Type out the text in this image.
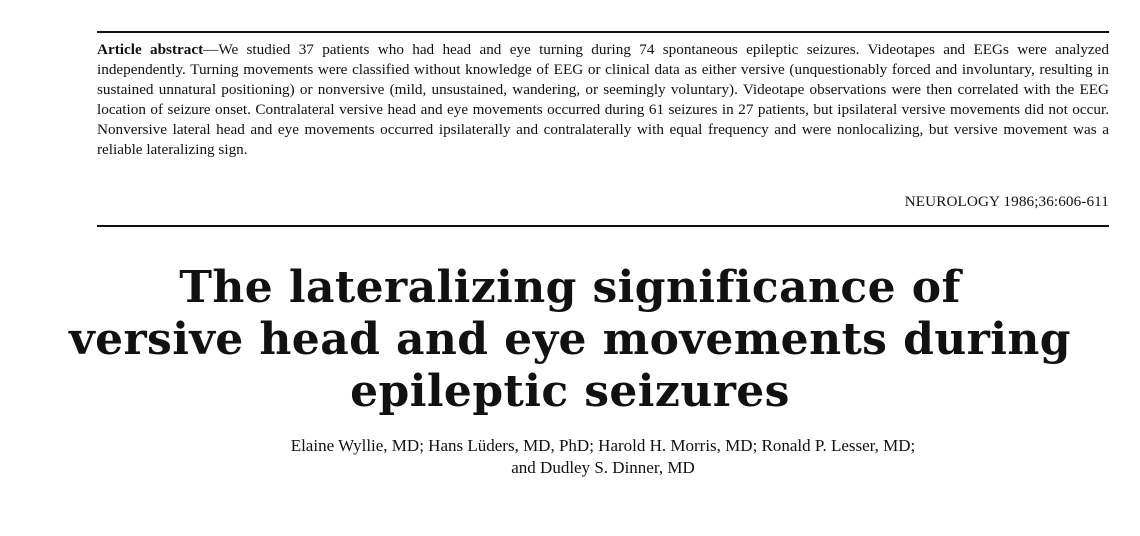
Article abstract—We studied 37 patients who had head and eye turning during 74 spontaneous epileptic seizures. Videotapes and EEGs were analyzed independently. Turning movements were classified without knowledge of EEG or clinical data as either versive (unquestionably forced and involuntary, resulting in sustained unnatural positioning) or nonversive (mild, unsustained, wandering, or seemingly voluntary). Videotape observations were then correlated with the EEG location of seizure onset. Contralateral versive head and eye movements occurred during 61 seizures in 27 patients, but ipsilateral versive movements did not occur. Nonversive lateral head and eye movements occurred ipsilaterally and contralaterally with equal frequency and were nonlocalizing, but versive movement was a reliable lateralizing sign.

NEUROLOGY 1986;36:606-611
The lateralizing significance of
versive head and eye movements during
epileptic seizures

Elaine Wyllie, MD; Hans Lüders, MD, PhD; Harold H. Morris, MD; Ronald P. Lesser, MD;
and Dudley S. Dinner, MD
